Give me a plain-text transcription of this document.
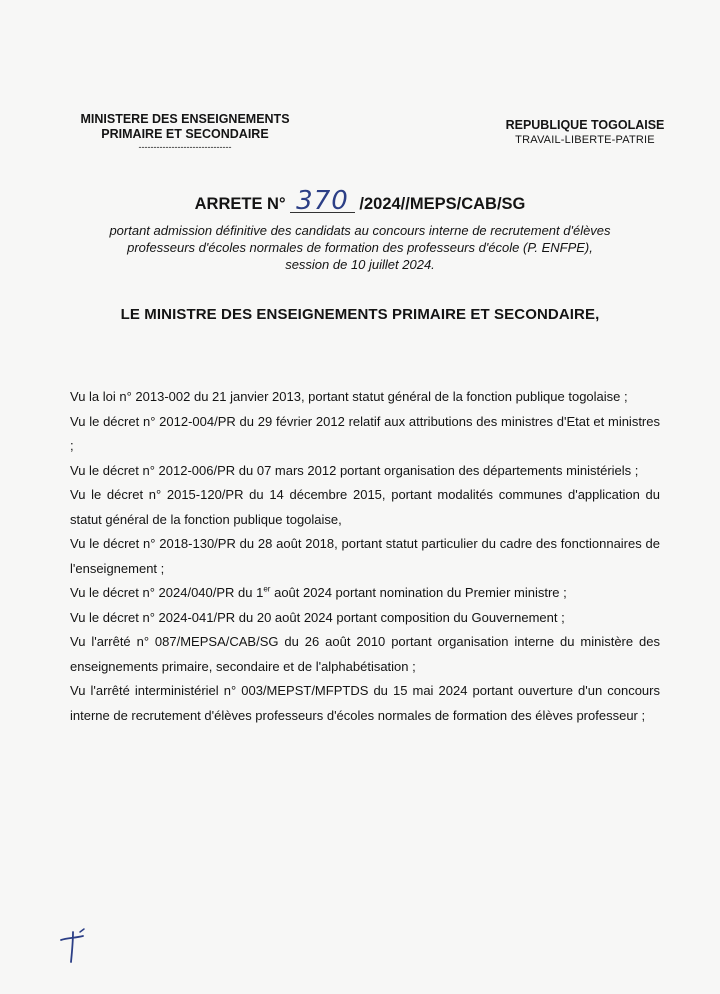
MINISTERE DES ENSEIGNEMENTS
PRIMAIRE ET SECONDAIRE
-------------------------------
REPUBLIQUE TOGOLAISE
TRAVAIL-LIBERTE-PATRIE
ARRETE N° 370 /2024//MEPS/CAB/SG
portant admission définitive des candidats au concours interne de recrutement d'élèves
professeurs d'écoles normales de formation des professeurs d'école (P. ENFPE),
session de 10 juillet 2024.
LE MINISTRE DES ENSEIGNEMENTS PRIMAIRE ET SECONDAIRE,
Vu la loi n° 2013-002 du 21 janvier 2013, portant statut général de la fonction publique togolaise ;
Vu le décret n° 2012-004/PR du 29 février 2012 relatif aux attributions des ministres d'Etat et ministres ;
Vu le décret n° 2012-006/PR du 07 mars 2012 portant organisation des départements ministériels ;
Vu le décret n° 2015-120/PR du 14 décembre 2015, portant modalités communes d'application du statut général de la fonction publique togolaise,
Vu le décret n° 2018-130/PR du 28 août 2018, portant statut particulier du cadre des fonctionnaires de l'enseignement ;
Vu le décret n° 2024/040/PR du 1er août 2024 portant nomination du Premier ministre ;
Vu le décret n° 2024-041/PR du 20 août 2024 portant composition du Gouvernement ;
Vu l'arrêté n° 087/MEPSA/CAB/SG du 26 août 2010 portant organisation interne du ministère des enseignements primaire, secondaire et de l'alphabétisation ;
Vu l'arrêté interministériel n° 003/MEPST/MFPTDS du 15 mai 2024 portant ouverture d'un concours interne de recrutement d'élèves professeurs d'écoles normales de formation des élèves professeur ;
